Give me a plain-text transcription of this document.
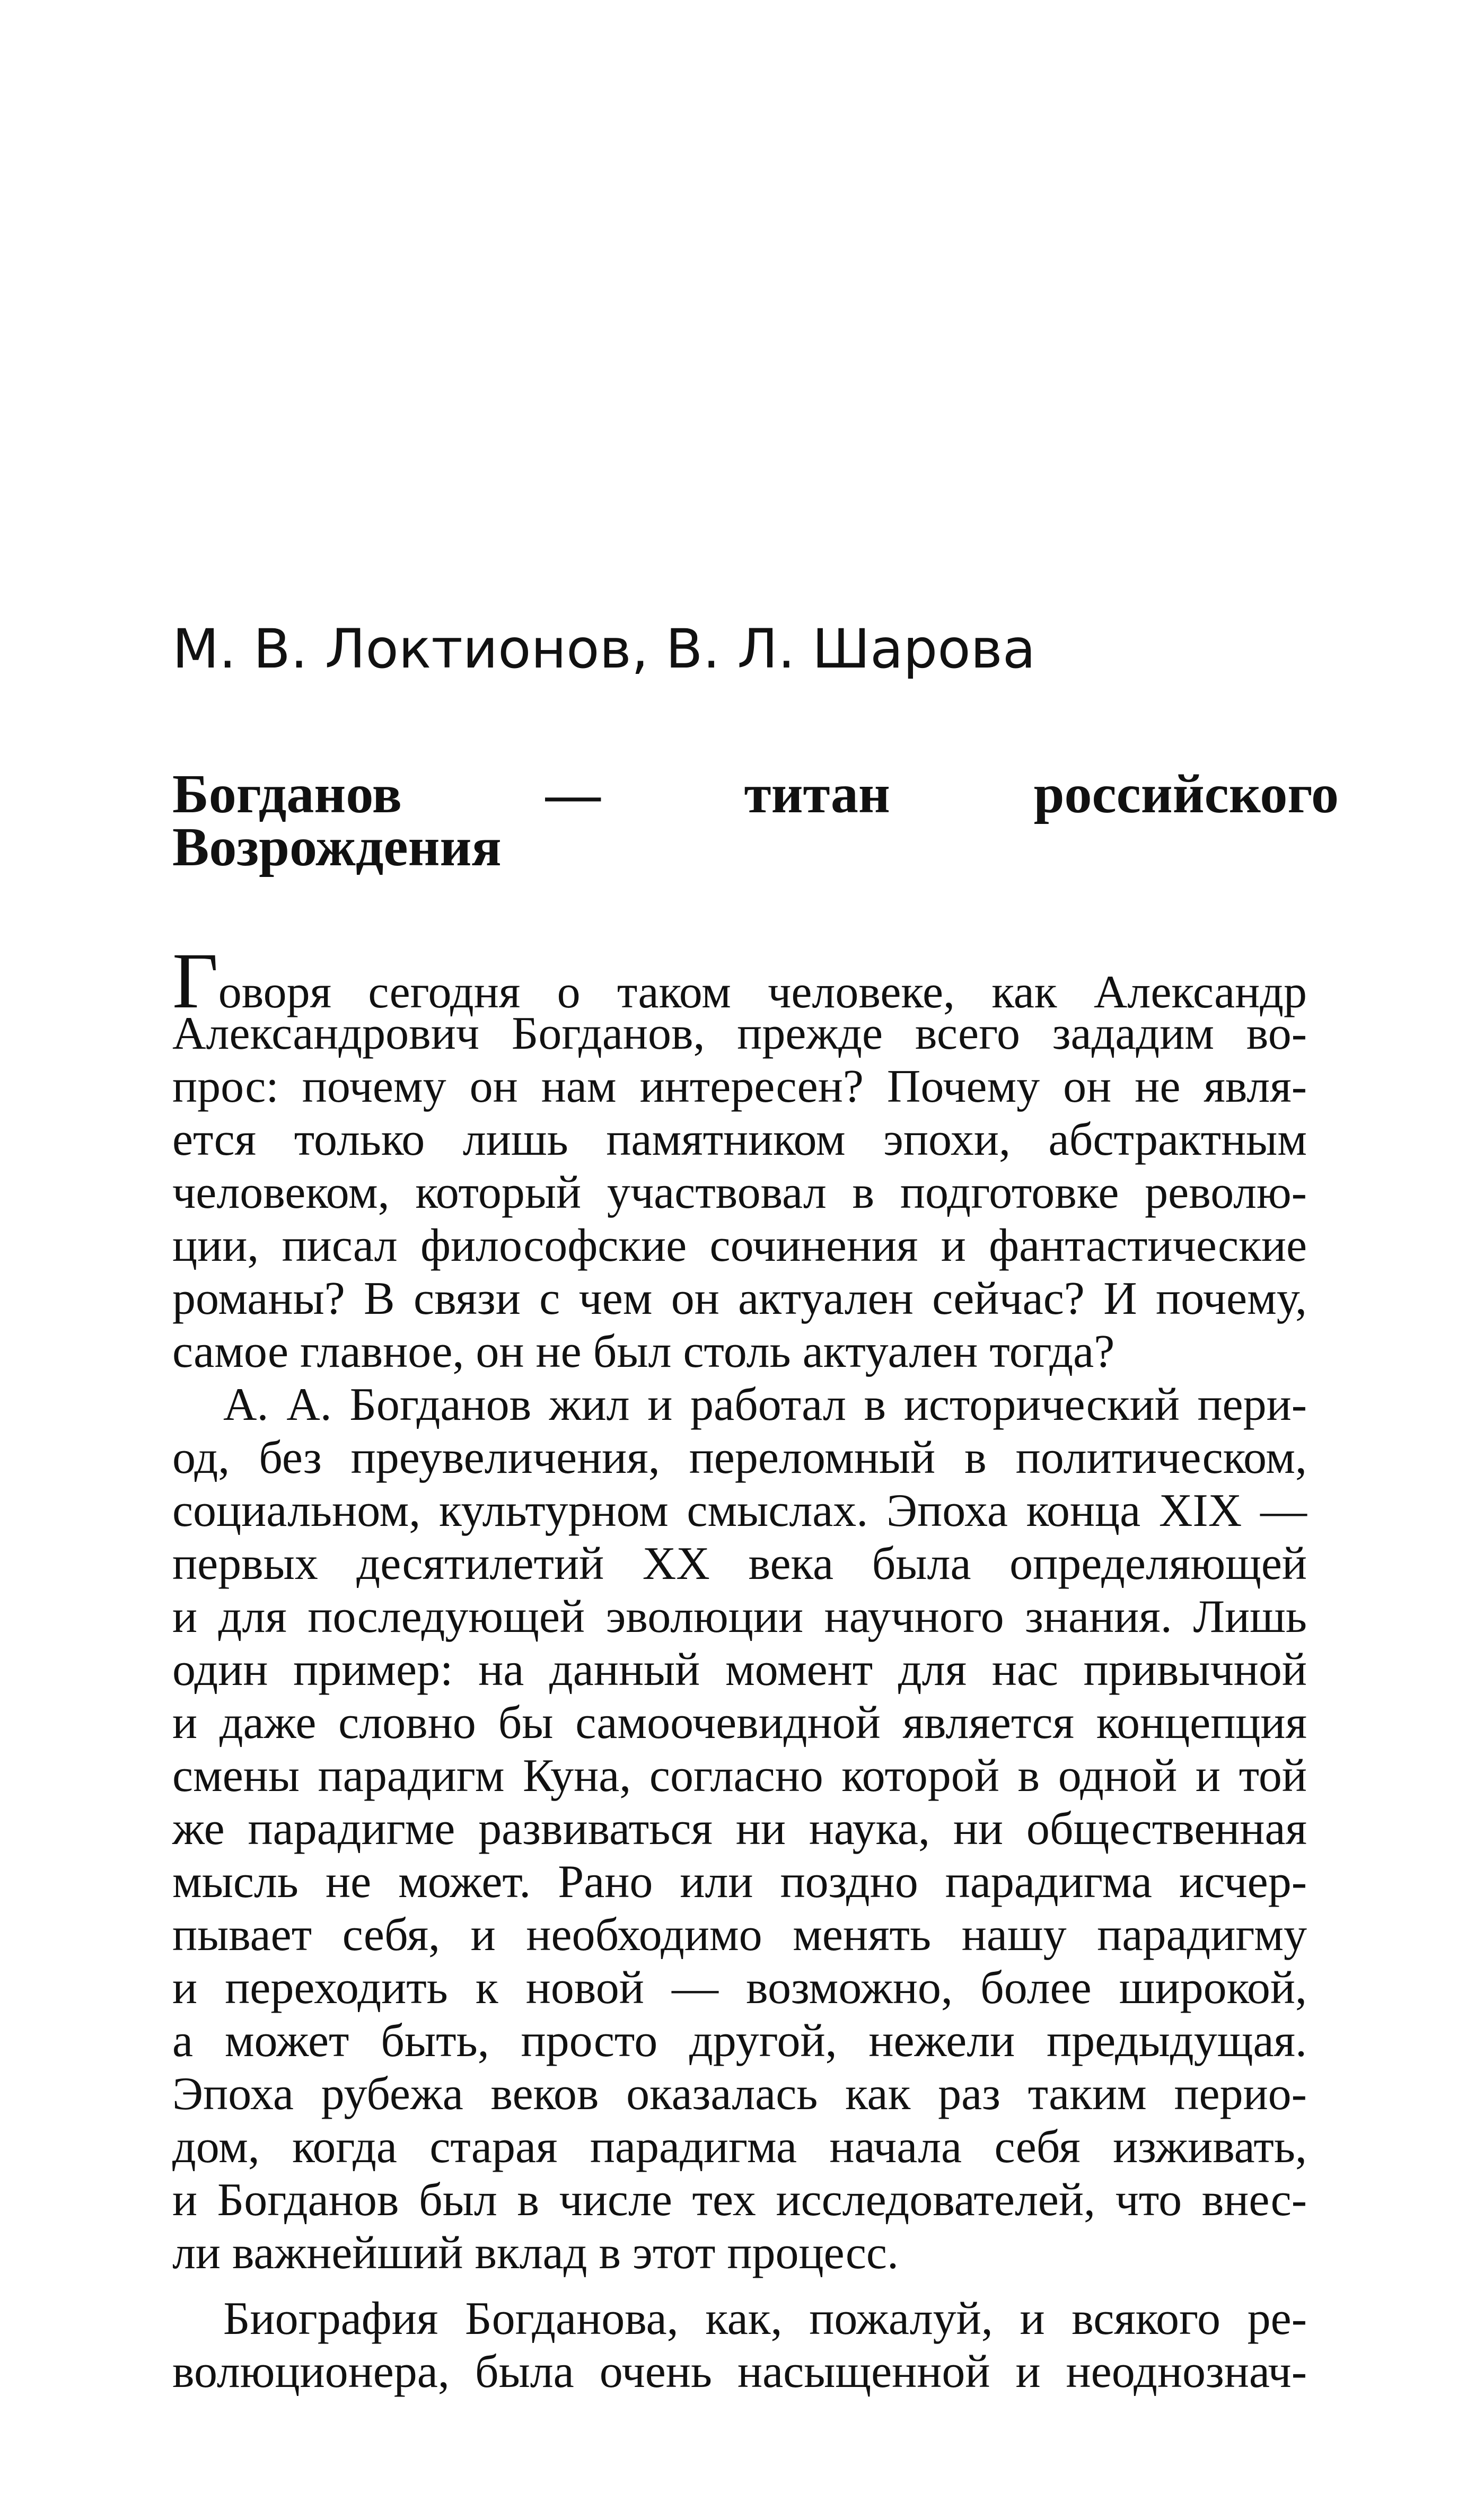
М. В. Локтионов, В. Л. Шарова
Богданов — титан российского
Возрождения
Говоря сегодня о таком человеке, как Александр
Александрович Богданов, прежде всего зададим во-
прос: почему он нам интересен? Почему он не явля-
ется только лишь памятником эпохи, абстрактным
человеком, который участвовал в подготовке револю-
ции, писал философские сочинения и фантастические
романы? В связи с чем он актуален сейчас? И почему,
самое главное, он не был столь актуален тогда?
А. А. Богданов жил и работал в исторический пери-
од, без преувеличения, переломный в политическом,
социальном, культурном смыслах. Эпоха конца XIX —
первых десятилетий XX века была определяющей
и для последующей эволюции научного знания. Лишь
один пример: на данный момент для нас привычной
и даже словно бы самоочевидной является концепция
смены парадигм Куна, согласно которой в одной и той
же парадигме развиваться ни наука, ни общественная
мысль не может. Рано или поздно парадигма исчер-
пывает себя, и необходимо менять нашу парадигму
и переходить к новой — возможно, более широкой,
а может быть, просто другой, нежели предыдущая.
Эпоха рубежа веков оказалась как раз таким перио-
дом, когда старая парадигма начала себя изживать,
и Богданов был в числе тех исследователей, что внес-
ли важнейший вклад в этот процесс.
Биография Богданова, как, пожалуй, и всякого ре-
волюционера, была очень насыщенной и неоднознач-
